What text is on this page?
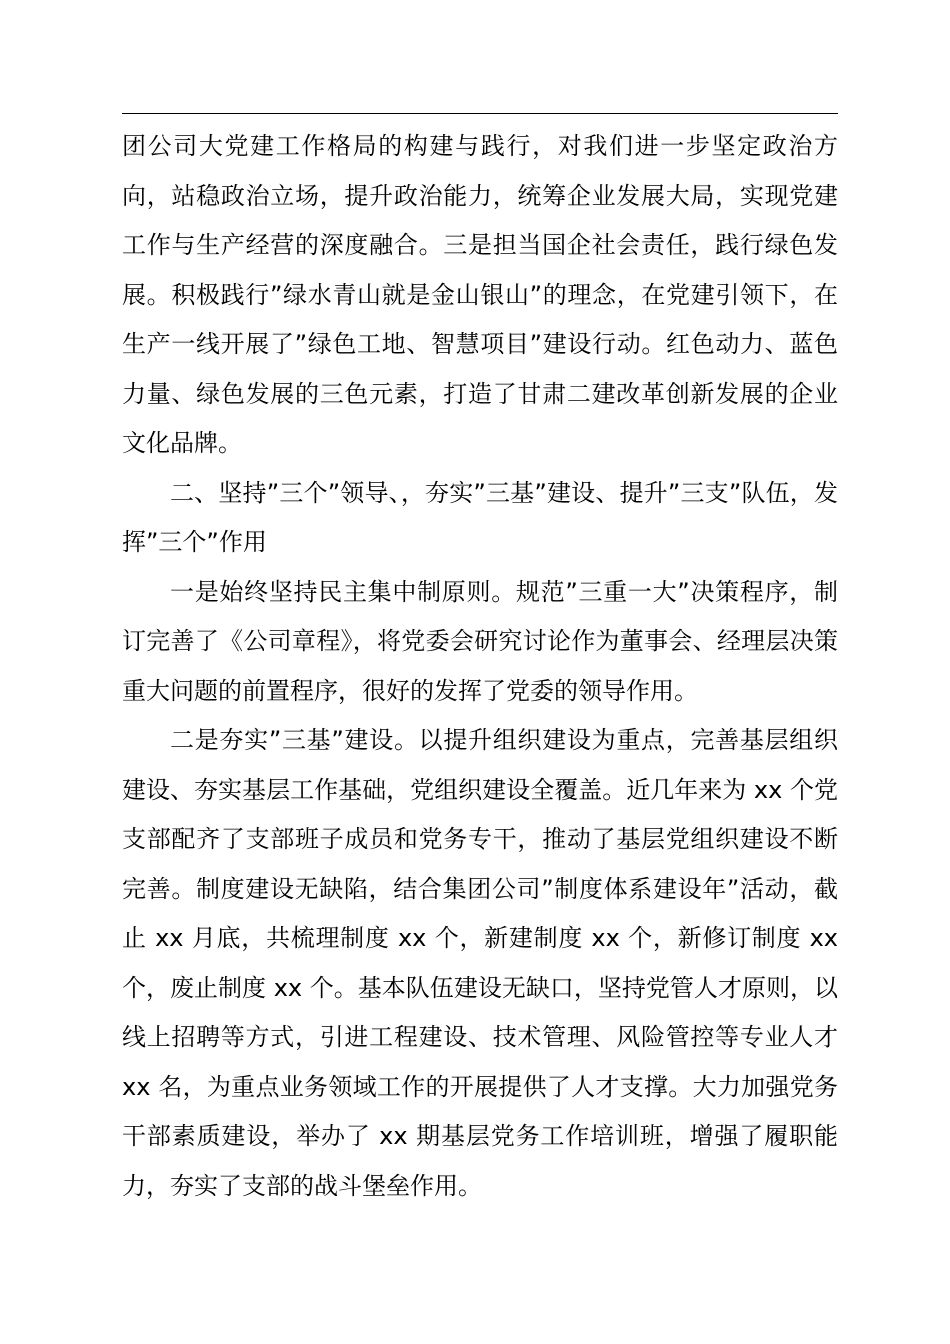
团公司大党建工作格局的构建与践行，对我们进一步坚定政治方向，站稳政治立场，提升政治能力，统筹企业发展大局，实现党建工作与生产经营的深度融合。三是担当国企社会责任，践行绿色发展。积极践行”绿水青山就是金山银山”的理念，在党建引领下，在生产一线开展了”绿色工地、智慧项目”建设行动。红色动力、蓝色力量、绿色发展的三色元素，打造了甘肃二建改革创新发展的企业文化品牌。

二、坚持”三个”领导、，夯实”三基”建设、提升”三支”队伍，发挥”三个”作用

一是始终坚持民主集中制原则。规范”三重一大”决策程序，制订完善了《公司章程》，将党委会研究讨论作为董事会、经理层决策重大问题的前置程序，很好的发挥了党委的领导作用。

二是夯实”三基”建设。以提升组织建设为重点，完善基层组织建设、夯实基层工作基础，党组织建设全覆盖。近几年来为 xx 个党支部配齐了支部班子成员和党务专干，推动了基层党组织建设不断完善。制度建设无缺陷，结合集团公司”制度体系建设年”活动，截止 xx 月底，共梳理制度 xx 个，新建制度 xx 个，新修订制度 xx 个，废止制度 xx 个。基本队伍建设无缺口，坚持党管人才原则，以线上招聘等方式，引进工程建设、技术管理、风险管控等专业人才 xx 名，为重点业务领域工作的开展提供了人才支撑。大力加强党务干部素质建设，举办了 xx 期基层党务工作培训班，增强了履职能力，夯实了支部的战斗堡垒作用。
